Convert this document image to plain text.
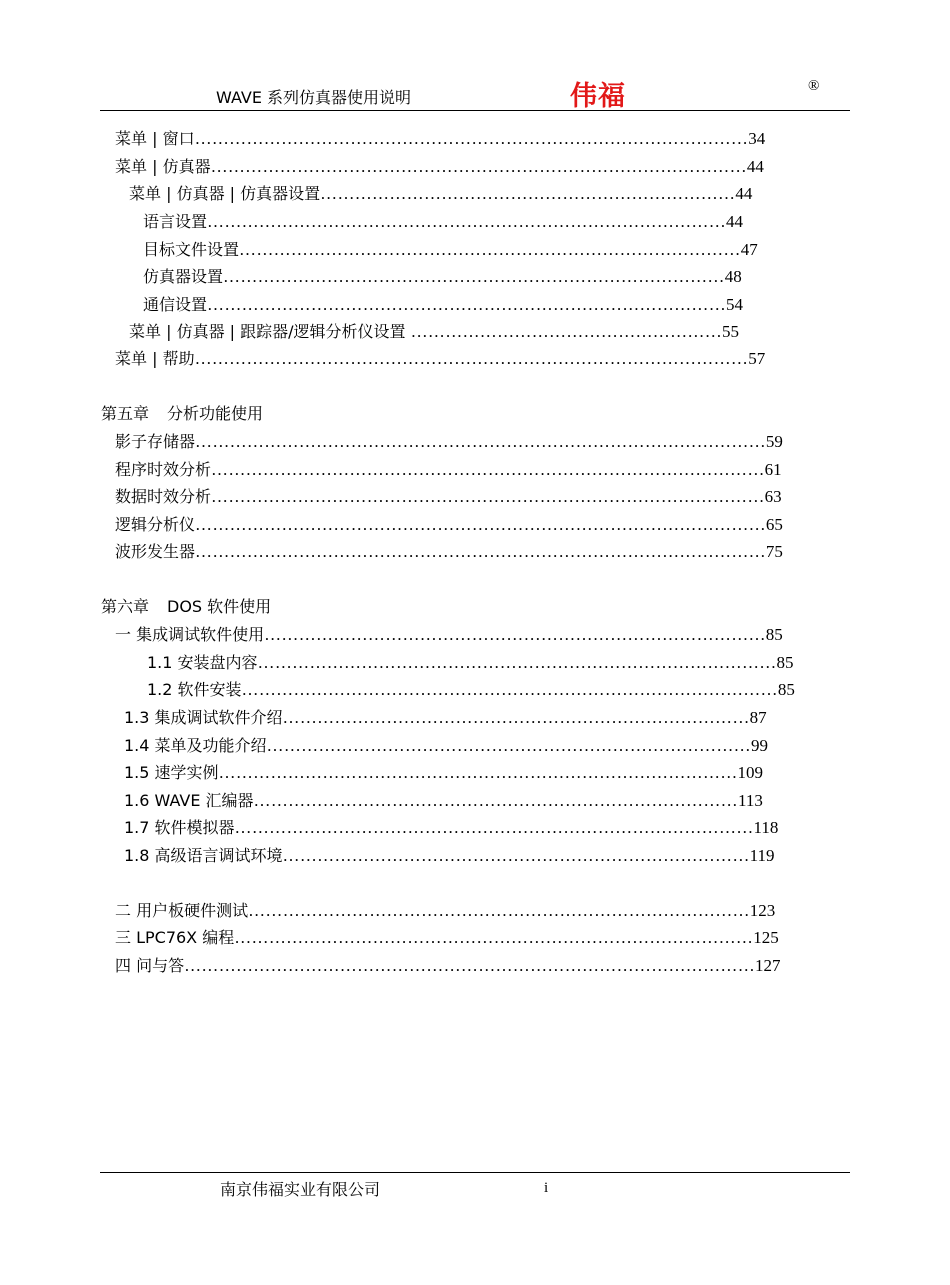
WAVE 系列仿真器使用说明	伟福	®
第五章 分析功能使用
第六章 DOS 软件使用
菜单 | 窗口……………………………………………………………………………………34
菜单 | 仿真器…………………………………………………………………………………44
菜单 | 仿真器 | 仿真器设置………………………………………………………………44
语言设置………………………………………………………………………………44
目标文件设置……………………………………………………………………………47
仿真器设置……………………………………………………………………………48
通信设置………………………………………………………………………………54
菜单 | 仿真器 | 跟踪器/逻辑分析仪设置 ………………………………………………55
菜单 | 帮助……………………………………………………………………………………57
影子存储器………………………………………………………………………………………59
程序时效分析……………………………………………………………………………………61
数据时效分析……………………………………………………………………………………63
逻辑分析仪………………………………………………………………………………………65
波形发生器………………………………………………………………………………………75
一 集成调试软件使用……………………………………………………………………………85
1.1 安装盘内容………………………………………………………………………………85
1.2 软件安装…………………………………………………………………………………85
1.3 集成调试软件介绍………………………………………………………………………87
1.4 菜单及功能介绍…………………………………………………………………………99
1.5 速学实例………………………………………………………………………………109
1.6 WAVE 汇编器…………………………………………………………………………113
1.7 软件模拟器………………………………………………………………………………118
1.8 高级语言调试环境………………………………………………………………………119
二 用户板硬件测试……………………………………………………………………………123
三 LPC76X 编程………………………………………………………………………………125
四 问与答………………………………………………………………………………………127
南京伟福实业有限公司	i
